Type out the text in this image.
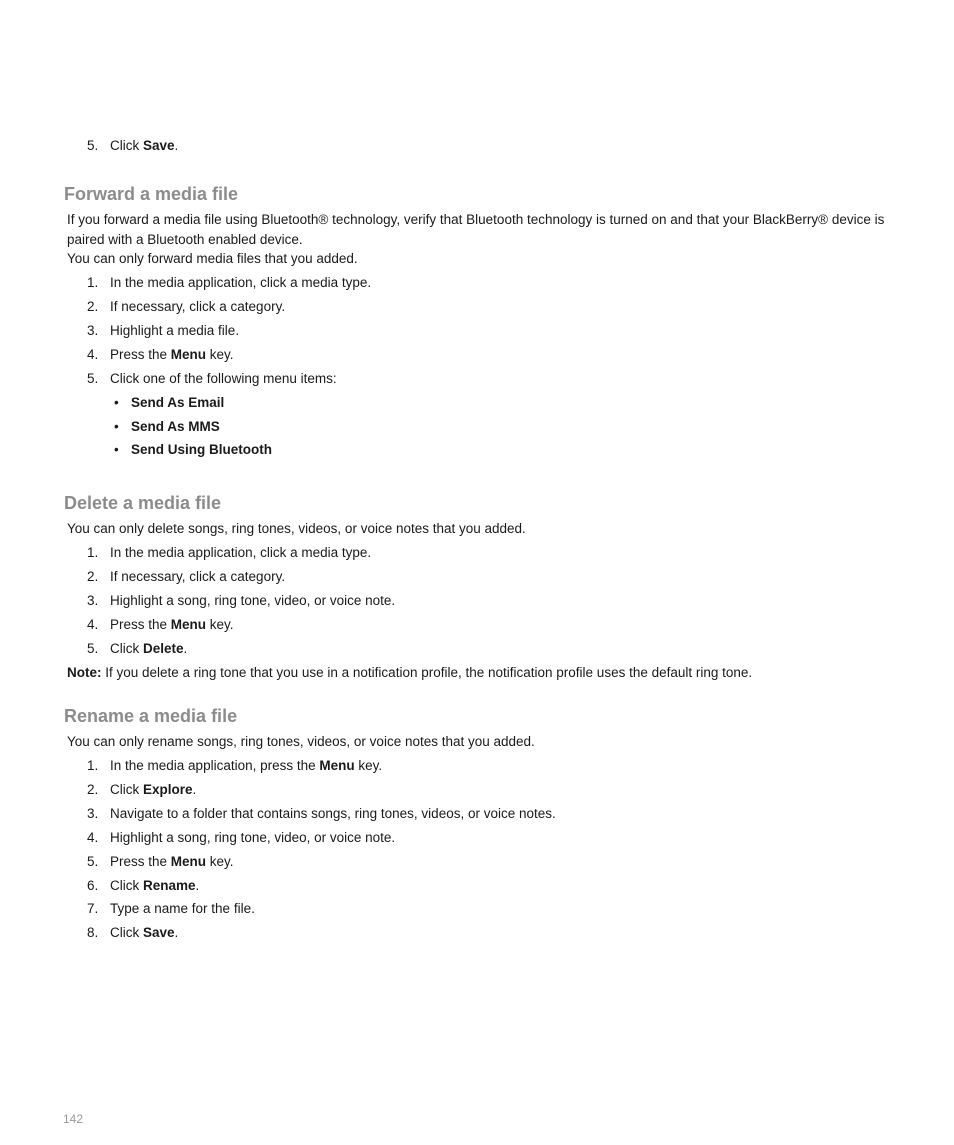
5. Click Save.
Forward a media file

If you forward a media file using Bluetooth® technology, verify that Bluetooth technology is turned on and that your BlackBerry® device is paired with a Bluetooth enabled device.

You can only forward media files that you added.

1. In the media application, click a media type.
2. If necessary, click a category.
3. Highlight a media file.
4. Press the Menu key.
5. Click one of the following menu items:
• Send As Email
• Send As MMS
• Send Using Bluetooth
Delete a media file

You can only delete songs, ring tones, videos, or voice notes that you added.

1. In the media application, click a media type.
2. If necessary, click a category.
3. Highlight a song, ring tone, video, or voice note.
4. Press the Menu key.
5. Click Delete.

Note: If you delete a ring tone that you use in a notification profile, the notification profile uses the default ring tone.

Rename a media file

You can only rename songs, ring tones, videos, or voice notes that you added.

1. In the media application, press the Menu key.
2. Click Explore.
3. Navigate to a folder that contains songs, ring tones, videos, or voice notes.
4. Highlight a song, ring tone, video, or voice note.
5. Press the Menu key.
6. Click Rename.
7. Type a name for the file.
8. Click Save.
142
